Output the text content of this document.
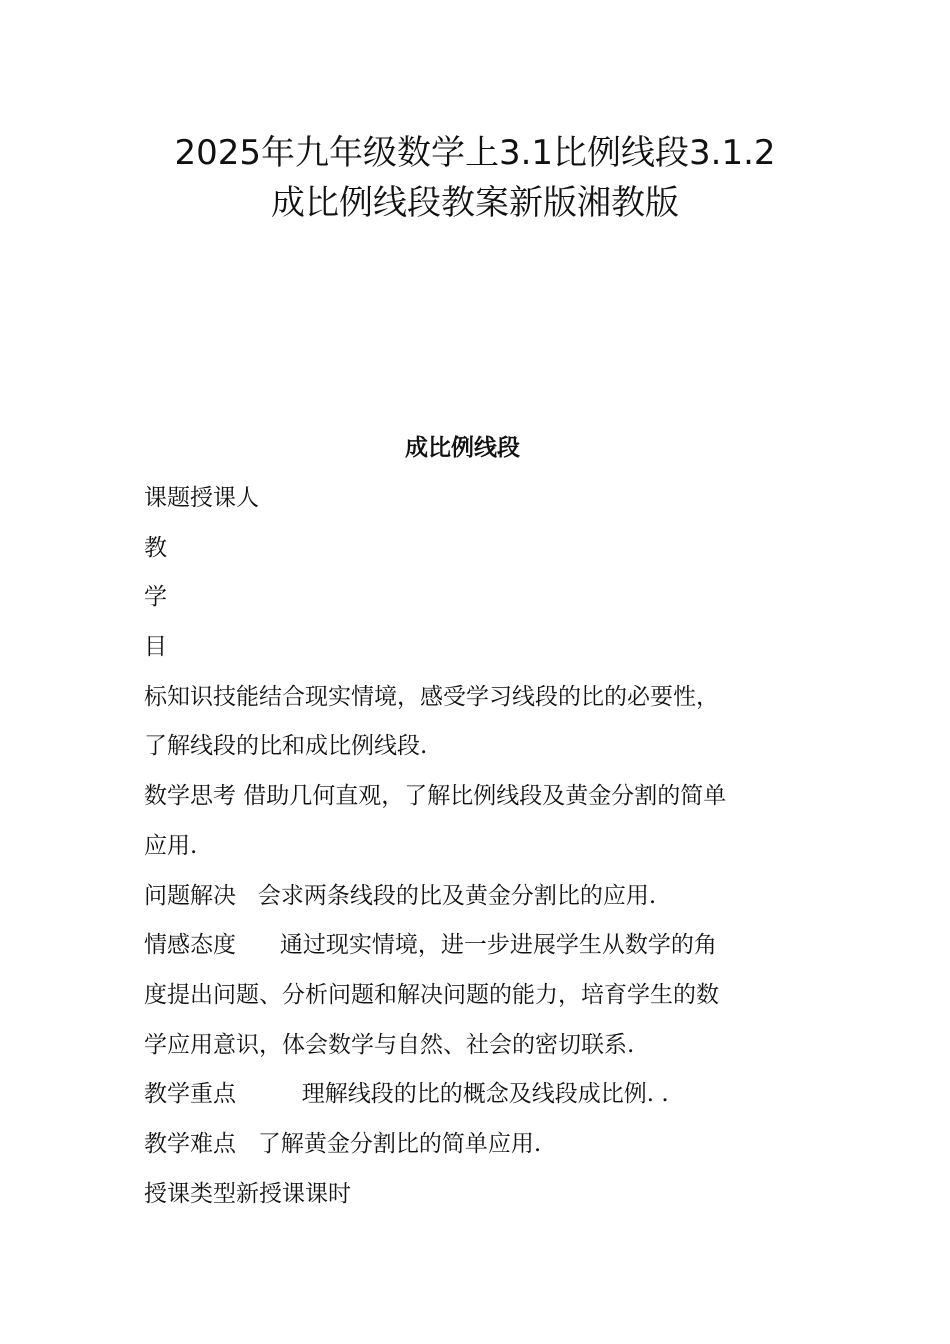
2025年九年级数学上3.1比例线段3.1.2
成比例线段教案新版湘教版
成比例线段
课题授课人
教
学
目
标知识技能结合现实情境，感受学习线段的比的必要性，
了解线段的比和成比例线段.
数学思考 借助几何直观，了解比例线段及黄金分割的简单
应用.
问题解决   会求两条线段的比及黄金分割比的应用.
情感态度      通过现实情境，进一步进展学生从数学的角
度提出问题、分析问题和解决问题的能力，培育学生的数
学应用意识，体会数学与自然、社会的密切联系.
教学重点         理解线段的比的概念及线段成比例. .
教学难点   了解黄金分割比的简单应用.
授课类型新授课课时
